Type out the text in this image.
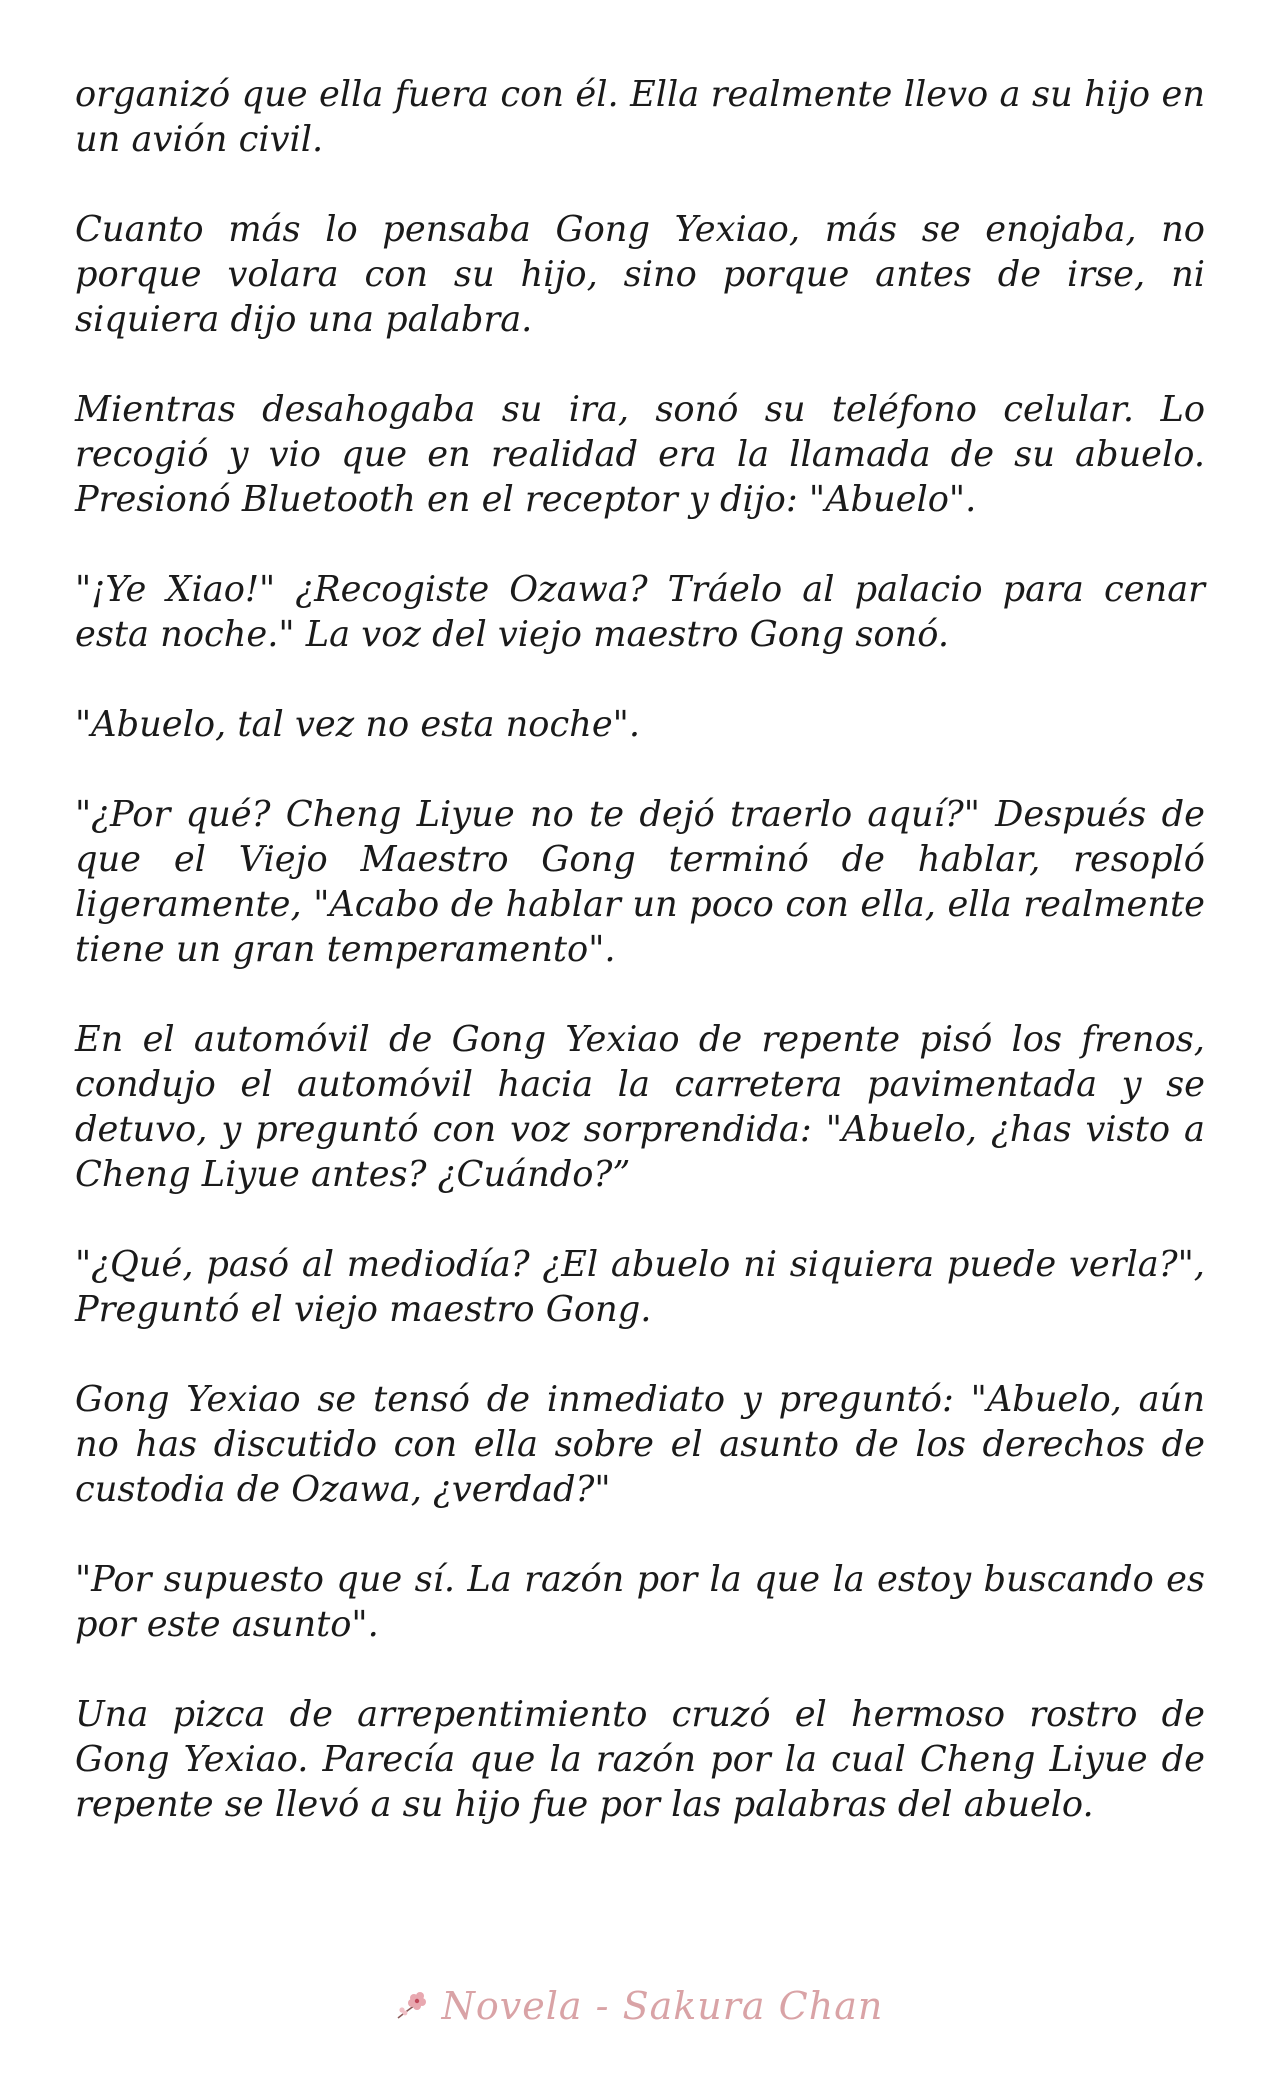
organizó que ella fuera con él. Ella realmente llevo a su hijo en un avión civil.

Cuanto más lo pensaba Gong Yexiao, más se enojaba, no porque volara con su hijo, sino porque antes de irse, ni siquiera dijo una palabra.

Mientras desahogaba su ira, sonó su teléfono celular. Lo recogió y vio que en realidad era la llamada de su abuelo. Presionó Bluetooth en el receptor y dijo: "Abuelo".

"¡Ye Xiao!" ¿Recogiste Ozawa? Tráelo al palacio para cenar esta noche." La voz del viejo maestro Gong sonó.

"Abuelo, tal vez no esta noche".

"¿Por qué? Cheng Liyue no te dejó traerlo aquí?" Después de que el Viejo Maestro Gong terminó de hablar, resopló ligeramente, "Acabo de hablar un poco con ella, ella realmente tiene un gran temperamento".

En el automóvil de Gong Yexiao de repente pisó los frenos, condujo el automóvil hacia la carretera pavimentada y se detuvo, y preguntó con voz sorprendida: "Abuelo, ¿has visto a Cheng Liyue antes? ¿Cuándo?”

"¿Qué, pasó al mediodía? ¿El abuelo ni siquiera puede verla?", Preguntó el viejo maestro Gong.

Gong Yexiao se tensó de inmediato y preguntó: "Abuelo, aún no has discutido con ella sobre el asunto de los derechos de custodia de Ozawa, ¿verdad?"

"Por supuesto que sí. La razón por la que la estoy buscando es por este asunto".

Una pizca de arrepentimiento cruzó el hermoso rostro de Gong Yexiao. Parecía que la razón por la cual Cheng Liyue de repente se llevó a su hijo fue por las palabras del abuelo.

Novela - Sakura Chan
